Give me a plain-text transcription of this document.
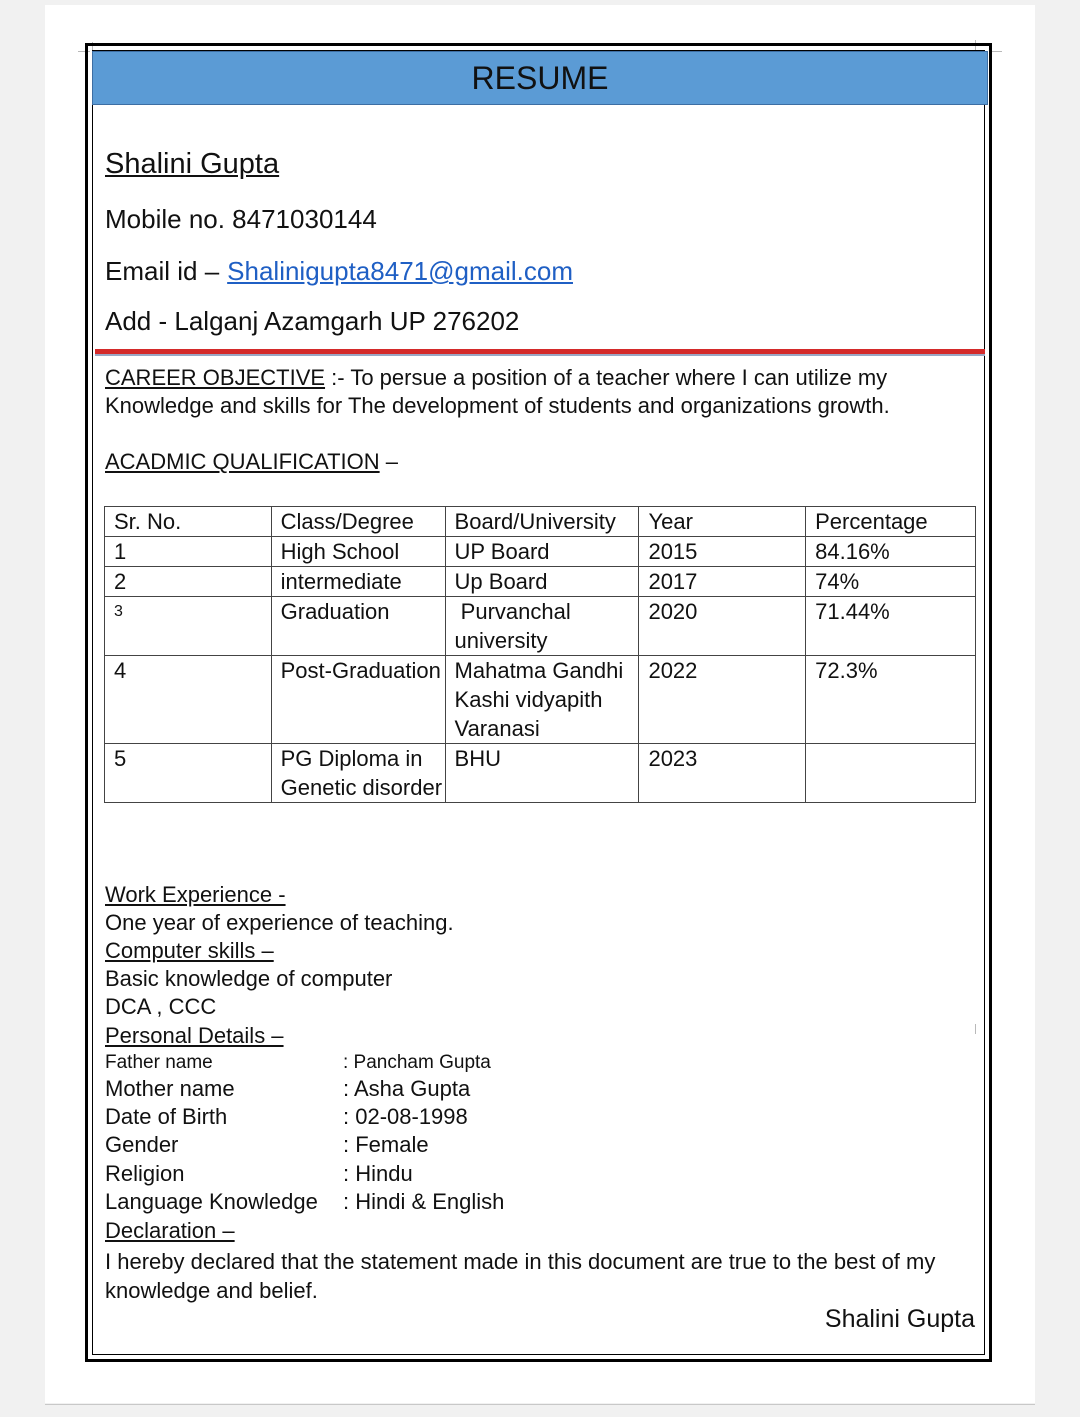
RESUME
Shalini Gupta
Mobile no. 8471030144
Email id – Shalinigupta8471@gmail.com
Add - Lalganj Azamgarh UP 276202
CAREER OBJECTIVE :- To persue a position of a teacher where I can utilize my Knowledge and skills for The development of students and organizations growth.
ACADMIC QUALIFICATION –
Sr. No.	Class/Degree	Board/University	Year	Percentage
1	High School	UP Board	2015	84.16%
2	intermediate	Up Board	2017	74%
3	Graduation	Purvanchal university	2020	71.44%
4	Post-Graduation	Mahatma Gandhi Kashi vidyapith Varanasi	2022	72.3%
5	PG Diploma in Genetic disorder	BHU	2023	
Work Experience -
One year of experience of teaching.
Computer skills –
Basic knowledge of computer
DCA , CCC
Personal Details –
Father name	: Pancham Gupta
Mother name	: Asha Gupta
Date of Birth	: 02-08-1998
Gender	: Female
Religion	: Hindu
Language Knowledge : Hindi & English
Declaration –
I hereby declared that the statement made in this document are true to the best of my knowledge and belief.
Shalini Gupta
